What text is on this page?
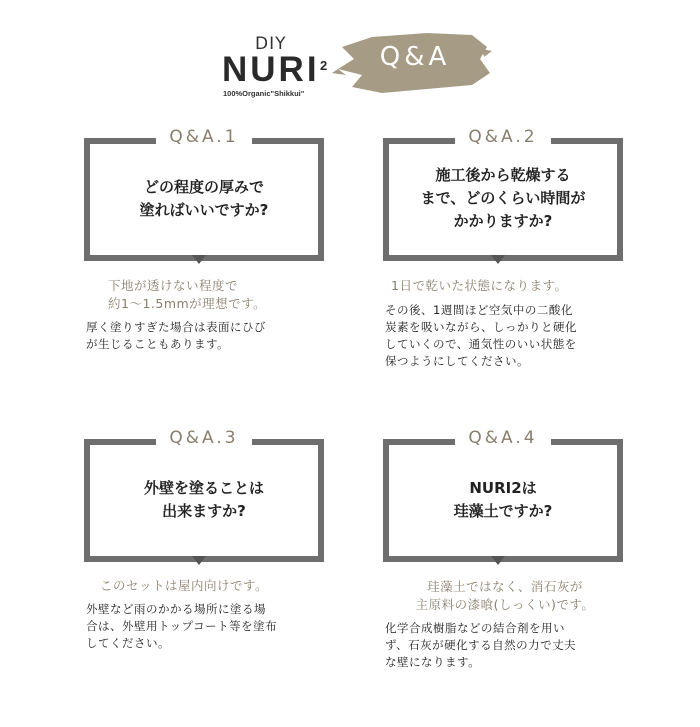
DIY
NURI 2
100%Organic"Shikkui"
Q&A
Q&A.1
どの程度の厚みで
塗ればいいですか?
下地が透けない程度で
約1〜1.5mmが理想です。
厚く塗りすぎた場合は表面にひび
が生じることもあります。
Q&A.2
施工後から乾燥する
まで、どのくらい時間が
かかりますか?
1日で乾いた状態になります。
その後、1週間ほど空気中の二酸化
炭素を吸いながら、しっかりと硬化
していくので、通気性のいい状態を
保つようにしてください。
Q&A.3
外壁を塗ることは
出来ますか?
このセットは屋内向けです。
外壁など雨のかかる場所に塗る場
合は、外壁用トップコート等を塗布
してください。
Q&A.4
NURI2は
珪藻土ですか?
珪藻土ではなく、消石灰が
主原料の漆喰(しっくい)です。
化学合成樹脂などの結合剤を用い
ず、石灰が硬化する自然の力で丈夫
な壁になります。
